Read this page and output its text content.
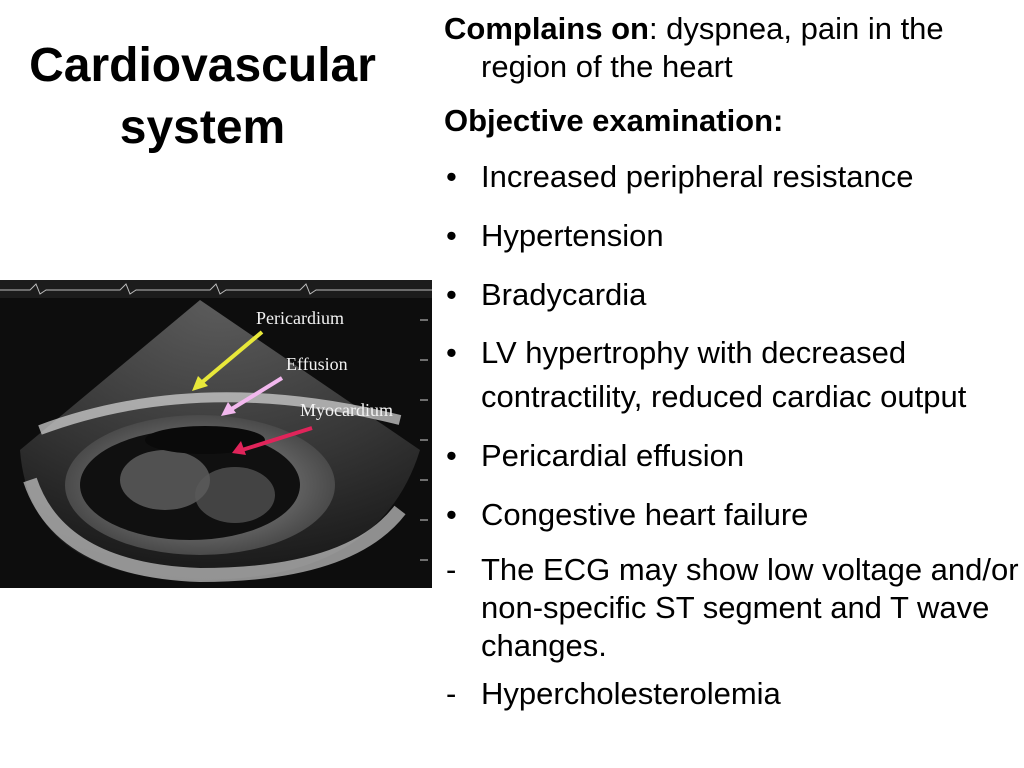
Cardiovascular
system
Pericardium
Effusion
Myocardium

Complains on: dyspnea, pain in the region of the heart

Objective examination:

• Increased peripheral resistance
• Hypertension
• Bradycardia
• LV hypertrophy with decreased contractility, reduced cardiac output
• Pericardial effusion
• Congestive heart failure
- The ECG may show low voltage and/or non-specific ST segment and T wave changes.
- Hypercholesterolemia
